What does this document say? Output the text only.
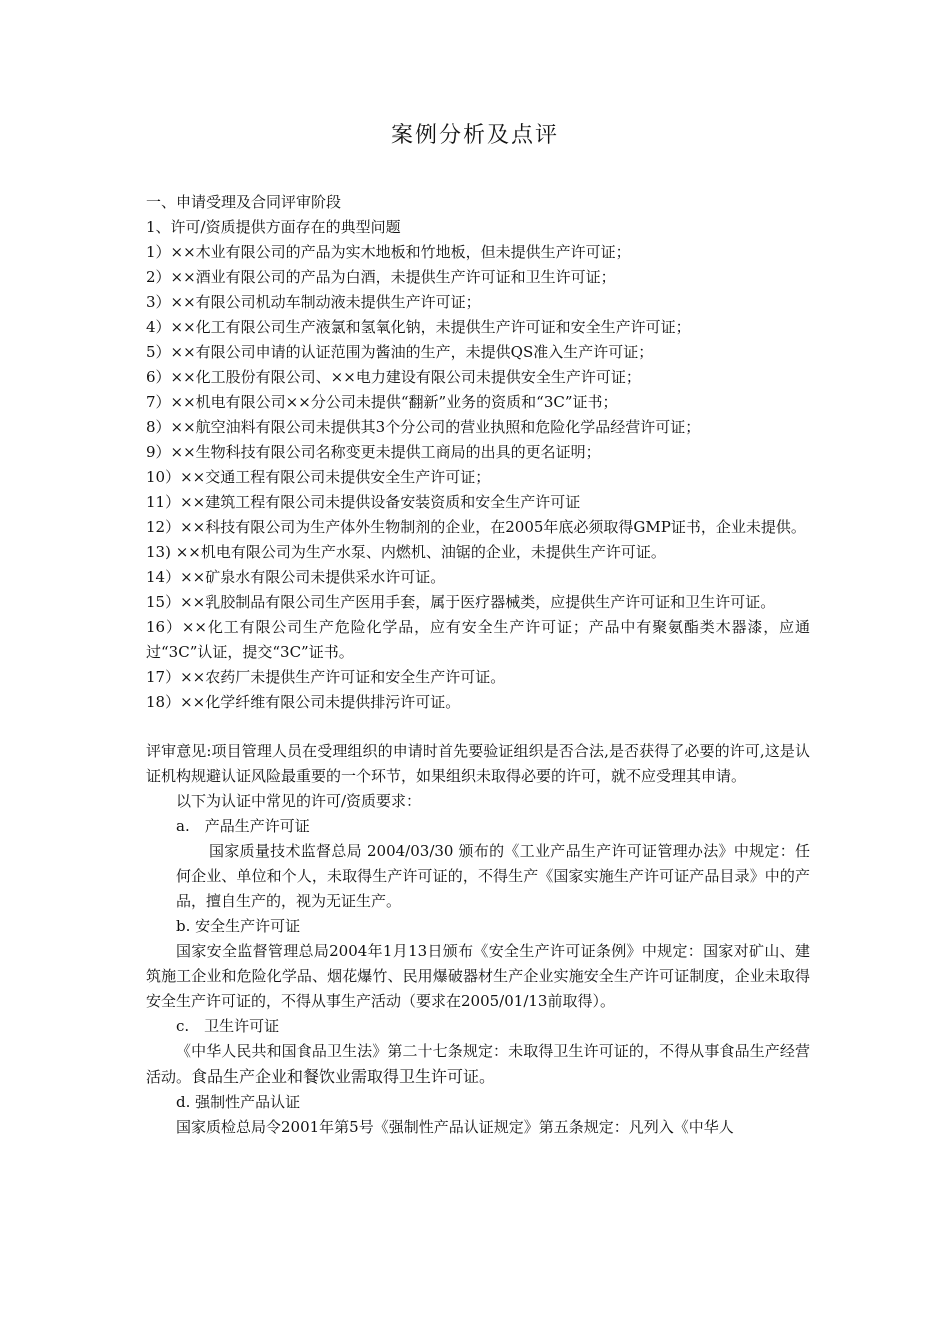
案例分析及点评
一、申请受理及合同评审阶段
1、许可/资质提供方面存在的典型问题
1）××木业有限公司的产品为实木地板和竹地板，但未提供生产许可证；
2）××酒业有限公司的产品为白酒，未提供生产许可证和卫生许可证；
3）××有限公司机动车制动液未提供生产许可证；
4）××化工有限公司生产液氯和氢氧化钠，未提供生产许可证和安全生产许可证；
5）××有限公司申请的认证范围为酱油的生产，未提供QS准入生产许可证；
6）××化工股份有限公司、××电力建设有限公司未提供安全生产许可证；
7）××机电有限公司××分公司未提供“翻新”业务的资质和“3C”证书；
8）××航空油料有限公司未提供其3个分公司的营业执照和危险化学品经营许可证；
9）××生物科技有限公司名称变更未提供工商局的出具的更名证明；
10）××交通工程有限公司未提供安全生产许可证；
11）××建筑工程有限公司未提供设备安装资质和安全生产许可证
12）××科技有限公司为生产体外生物制剂的企业，在2005年底必须取得GMP证书，企业未提供。
13) ××机电有限公司为生产水泵、内燃机、油锯的企业，未提供生产许可证。
14）××矿泉水有限公司未提供采水许可证。
15）××乳胶制品有限公司生产医用手套，属于医疗器械类，应提供生产许可证和卫生许可证。
16）××化工有限公司生产危险化学品，应有安全生产许可证；产品中有聚氨酯类木器漆，应通过“3C”认证，提交“3C”证书。
17）××农药厂未提供生产许可证和安全生产许可证。
18）××化学纤维有限公司未提供排污许可证。
评审意见:项目管理人员在受理组织的申请时首先要验证组织是否合法,是否获得了必要的许可,这是认证机构规避认证风险最重要的一个环节，如果组织未取得必要的许可，就不应受理其申请。
以下为认证中常见的许可/资质要求：
a.　产品生产许可证
国家质量技术监督总局 2004/03/30 颁布的《工业产品生产许可证管理办法》中规定：任何企业、单位和个人，未取得生产许可证的，不得生产《国家实施生产许可证产品目录》中的产品，擅自生产的，视为无证生产。
b. 安全生产许可证
国家安全监督管理总局2004年1月13日颁布《安全生产许可证条例》中规定：国家对矿山、建筑施工企业和危险化学品、烟花爆竹、民用爆破器材生产企业实施安全生产许可证制度，企业未取得安全生产许可证的，不得从事生产活动（要求在2005/01/13前取得）。
c.　卫生许可证
《中华人民共和国食品卫生法》第二十七条规定：未取得卫生许可证的，不得从事食品生产经营活动。食品生产企业和餐饮业需取得卫生许可证。
d. 强制性产品认证
国家质检总局令2001年第5号《强制性产品认证规定》第五条规定：凡列入《中华人
